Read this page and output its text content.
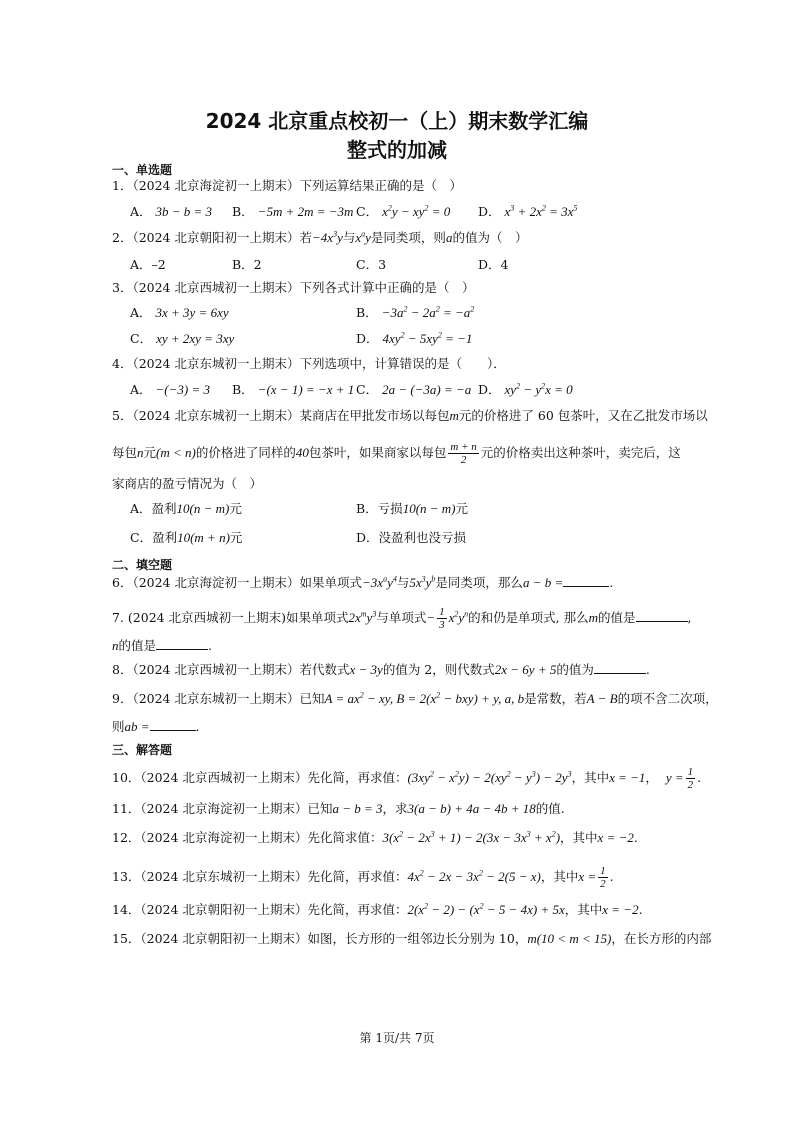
2024 北京重点校初一（上）期末数学汇编
整式的加减
一、单选题
1．（2024 北京海淀初一上期末）下列运算结果正确的是（　）
A． 3b − b = 3 B． −5m + 2m = −3m C． $x^2y - xy^2 = 0$ D． $x^3 + 2x^2 = 3x^5$
2．（2024 北京朝阳初一上期末）若$-4x^3y$与$x^ay$是同类项，则a的值为（　）
A．–2	B．2	C．3	D．4
3．（2024 北京西城初一上期末）下列各式计算中正确的是（　）
A． 3x + 3y = 6xy	B． $-3a^2 - 2a^2 = -a^2$
C． xy + 2xy = 3xy	D． $4xy^2 - 5xy^2 = -1$
4．（2024 北京东城初一上期末）下列选项中，计算错误的是（　　）．
A． −(−3) = 3 B． −(x − 1) = −x + 1 C． 2a − (−3a) = −a D． $xy^2 - y^2x = 0$
5．（2024 北京东城初一上期末）某商店在甲批发市场以每包m元的价格进了 60 包茶叶，又在乙批发市场以
每包n元(m < n)的价格进了同样的40包茶叶，如果商家以每包 $\frac{m + n}{2}$ 元的价格卖出这种茶叶，卖完后，这
家商店的盈亏情况为（　）
A．盈利10(n − m)元	B．亏损10(n − m)元
C．盈利10(m + n)元	D．没盈利也没亏损
二、填空题
6．（2024 北京海淀初一上期末）如果单项式$-3x^ay^4$与$5x^3y^b$是同类项，那么a − b =	.
7. (2024 北京西城初一上期末)如果单项式$2x^my^3$与单项式− $\frac{1}{3} x^2y^n$的和仍是单项式, 那么m的值是	,
n的值是	.
8．（2024 北京西城初一上期末）若代数式x − 3y的值为 2，则代数式2x − 6y + 5的值为	.
9．（2024 北京东城初一上期末）已知$A = ax^2$ − xy, $B = 2(x^2 - bxy) + y$, a, b是常数，若A − B的项不含二次项，
则ab =	.
三、解答题
10．（2024 北京西城初一上期末）先化简，再求值：$(3xy^2 - x^2y) - 2(xy^2 - y^3) - 2y^3$，其中x = −1， $y = \frac{1}{2}$ .
11．（2024 北京海淀初一上期末）已知a − b = 3，求3(a − b) + 4a − 4b + 18的值.
12．（2024 北京海淀初一上期末）先化简求值：$3(x^2 - 2x^3 + 1) - 2(3x - 3x^3 + x^2)$，其中x = −2.
13．（2024 北京东城初一上期末）先化简，再求值：$4x^2 - 2x - 3x^2 - 2(5 - x)$，其中$x = \frac{1}{2}$ .
14．（2024 北京朝阳初一上期末）先化简，再求值：$2(x^2 - 2) - (x^2 - 5 - 4x) + 5x$，其中x = −2.
15．（2024 北京朝阳初一上期末）如图，长方形的一组邻边长分别为 10，m(10 < m < 15)，在长方形的内部
第 1页/共 7页
